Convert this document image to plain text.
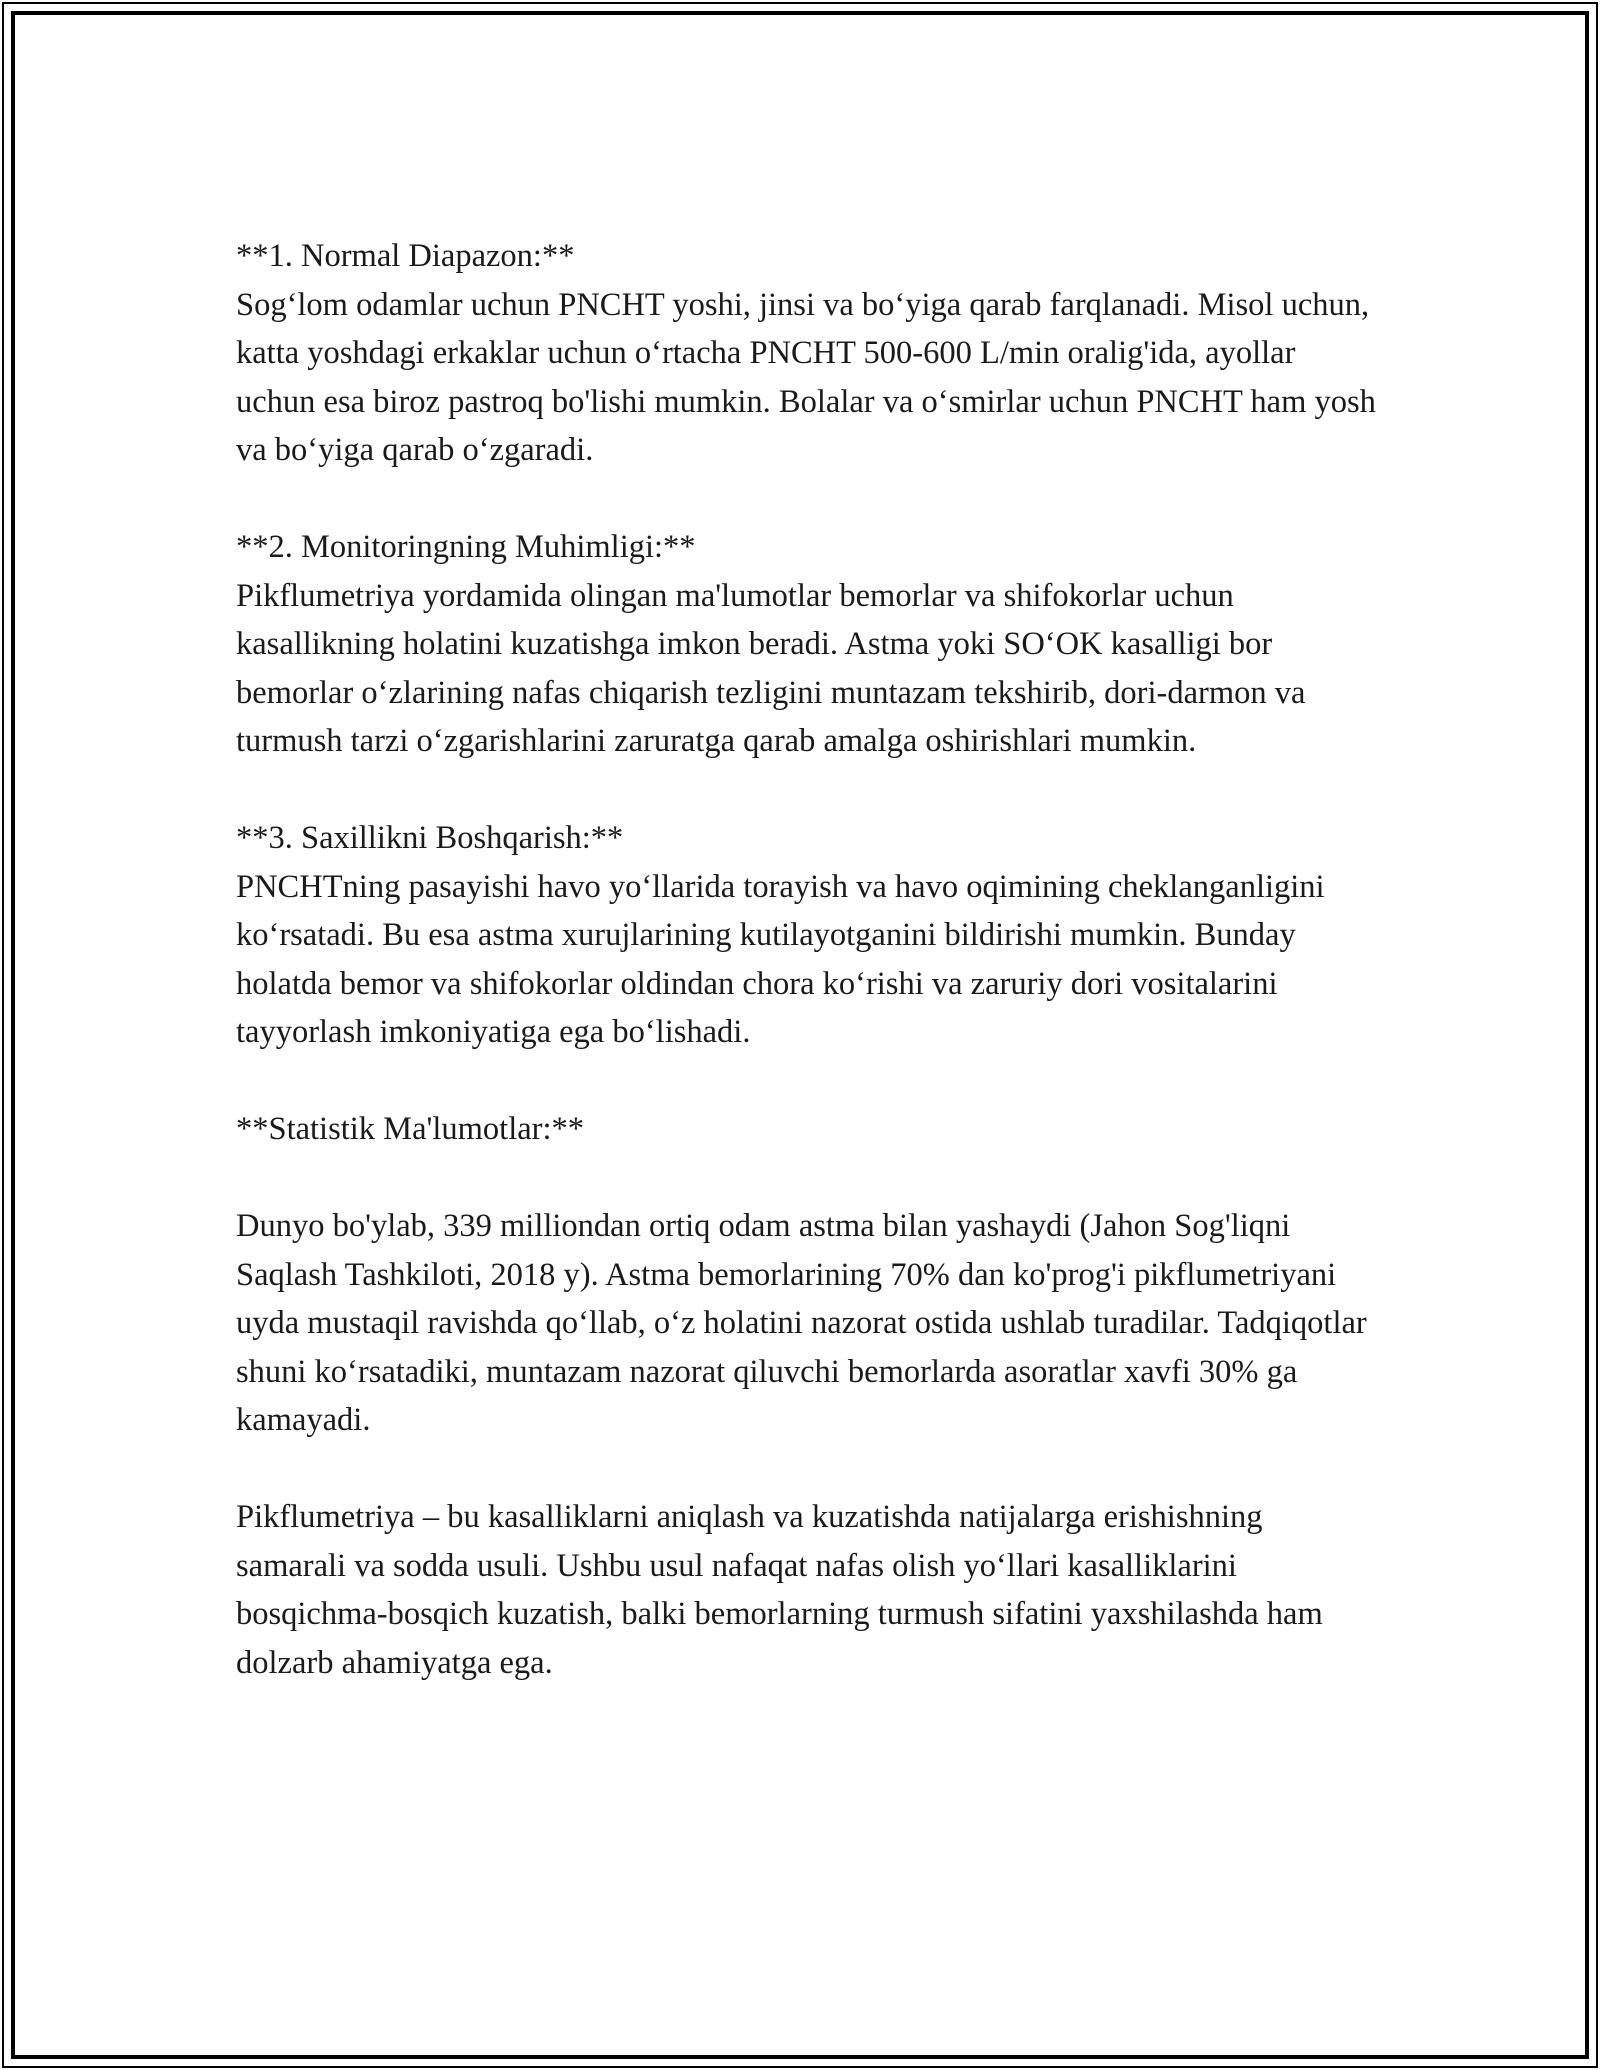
**1. Normal Diapazon:**

Sog‘lom odamlar uchun PNCHT yoshi, jinsi va bo‘yiga qarab farqlanadi. Misol uchun, katta yoshdagi erkaklar uchun o‘rtacha PNCHT 500-600 L/min oralig'ida, ayollar uchun esa biroz pastroq bo'lishi mumkin. Bolalar va o‘smirlar uchun PNCHT ham yosh va bo‘yiga qarab o‘zgaradi.

**2. Monitoringning Muhimligi:**

Pikflumetriya yordamida olingan ma'lumotlar bemorlar va shifokorlar uchun kasallikning holatini kuzatishga imkon beradi. Astma yoki SO‘OK kasalligi bor bemorlar o‘zlarining nafas chiqarish tezligini muntazam tekshirib, dori-darmon va turmush tarzi o‘zgarishlarini zaruratga qarab amalga oshirishlari mumkin.

**3. Saxillikni Boshqarish:**

PNCHTning pasayishi havo yo‘llarida torayish va havo oqimining cheklanganligini ko‘rsatadi. Bu esa astma xurujlarining kutilayotganini bildirishi mumkin. Bunday holatda bemor va shifokorlar oldindan chora ko‘rishi va zaruriy dori vositalarini tayyorlash imkoniyatiga ega bo‘lishadi.

**Statistik Ma'lumotlar:**

Dunyo bo'ylab, 339 milliondan ortiq odam astma bilan yashaydi (Jahon Sog'liqni Saqlash Tashkiloti, 2018 y). Astma bemorlarining 70% dan ko'prog'i pikflumetriyani uyda mustaqil ravishda qo‘llab, o‘z holatini nazorat ostida ushlab turadilar. Tadqiqotlar shuni ko‘rsatadiki, muntazam nazorat qiluvchi bemorlarda asoratlar xavfi 30% ga kamayadi.

Pikflumetriya – bu kasalliklarni aniqlash va kuzatishda natijalarga erishishning samarali va sodda usuli. Ushbu usul nafaqat nafas olish yo‘llari kasalliklarini bosqichma-bosqich kuzatish, balki bemorlarning turmush sifatini yaxshilashda ham dolzarb ahamiyatga ega.
